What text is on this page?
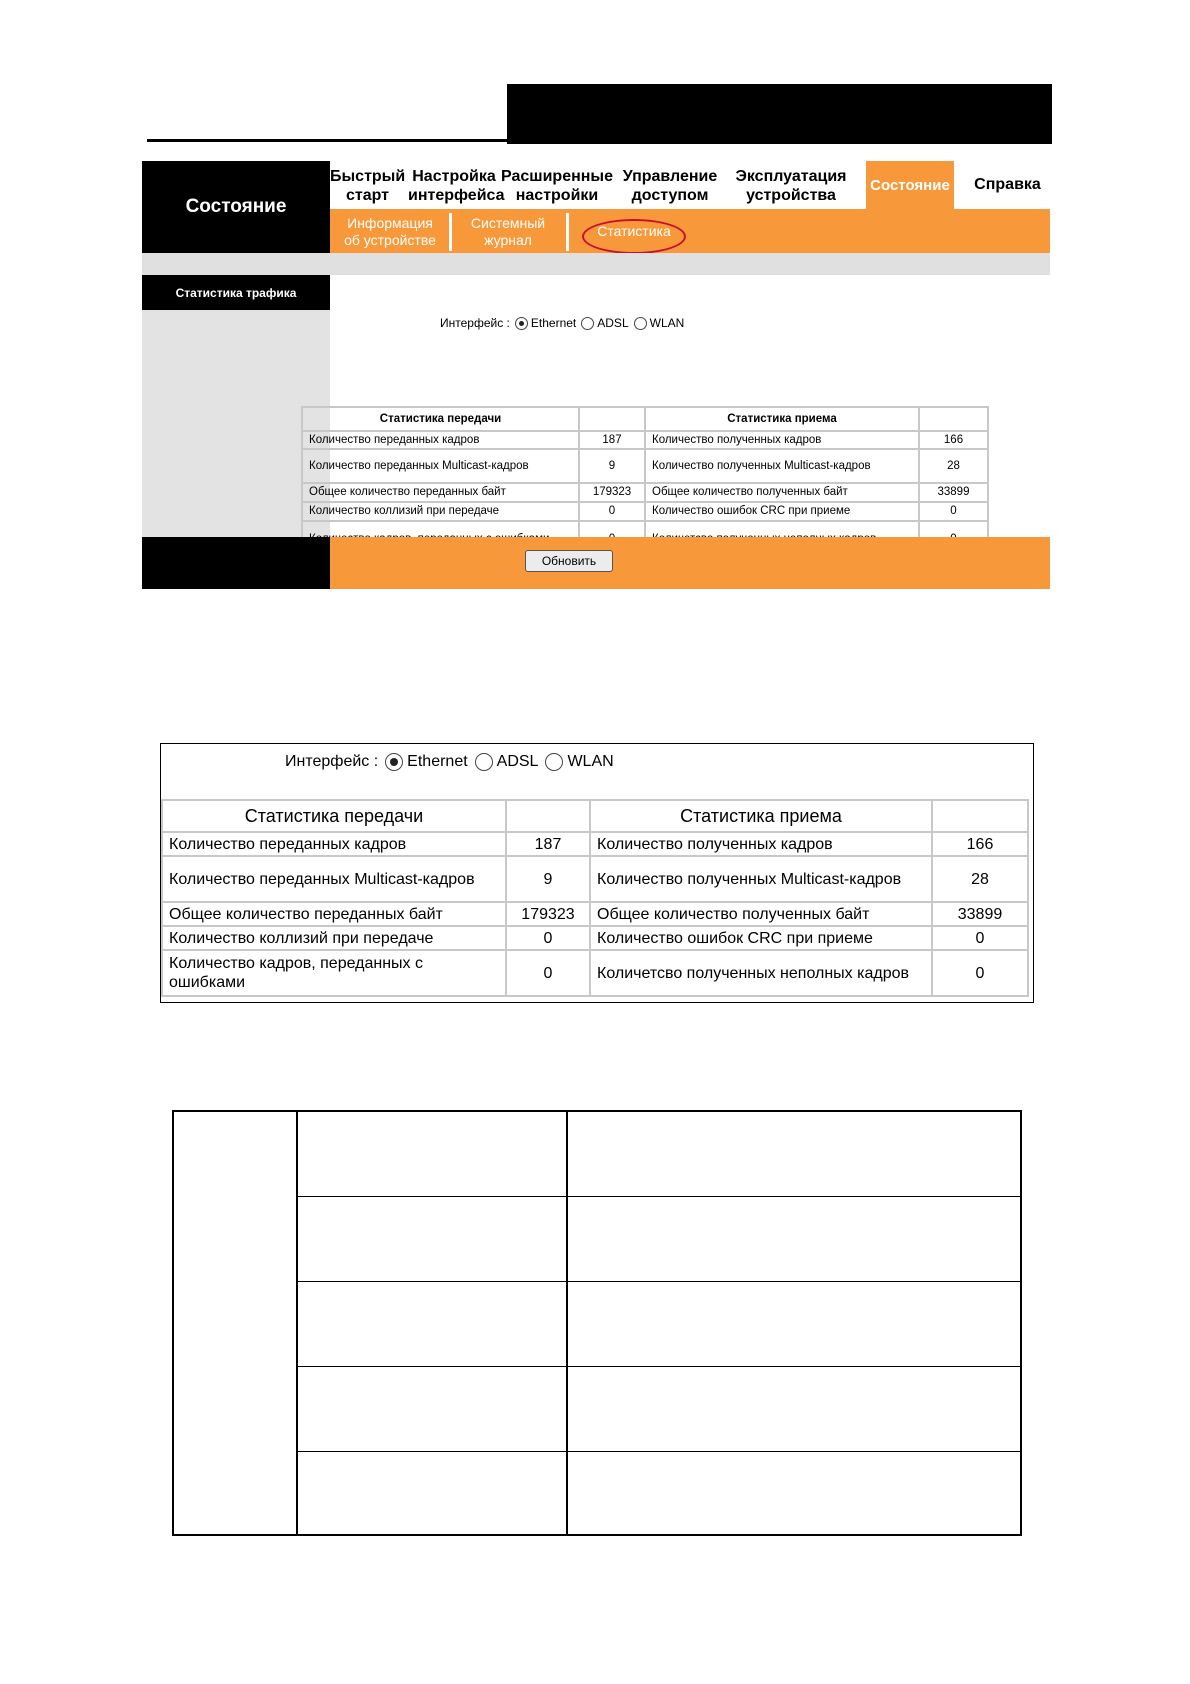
Состояние
Быстрый старт
Настройка интерфейса
Расширенные настройки
Управление доступом
Эксплуатация устройства
Состояние	Справка
Информация об устройстве
Системный журнал
Статистика
Статистика трафика
Интерфейс : Ethernet ADSL WLAN
Статистика передачи		Статистика приема	
Количество переданных кадров	187	Количество полученных кадров	166
Количество переданных Multicast-кадров	9	Количество полученных Multicast-кадров	28
Общее количество переданных байт	179323	Общее количество полученных байт	33899
Количество коллизий при передаче	0	Количество ошибок CRC при приеме	0

Обновить
Интерфейс : Ethernet ADSL WLAN
Статистика передачи		Статистика приема	
Количество переданных кадров	187	Количество полученных кадров	166
Количество переданных Multicast-кадров	9	Количество полученных Multicast-кадров	28
Общее количество переданных байт	179323	Общее количество полученных байт	33899
Количество коллизий при передаче	0	Количество ошибок CRC при приеме	0
Количество кадров, переданных с ошибками	0	Количетсво полученных неполных кадров	0
